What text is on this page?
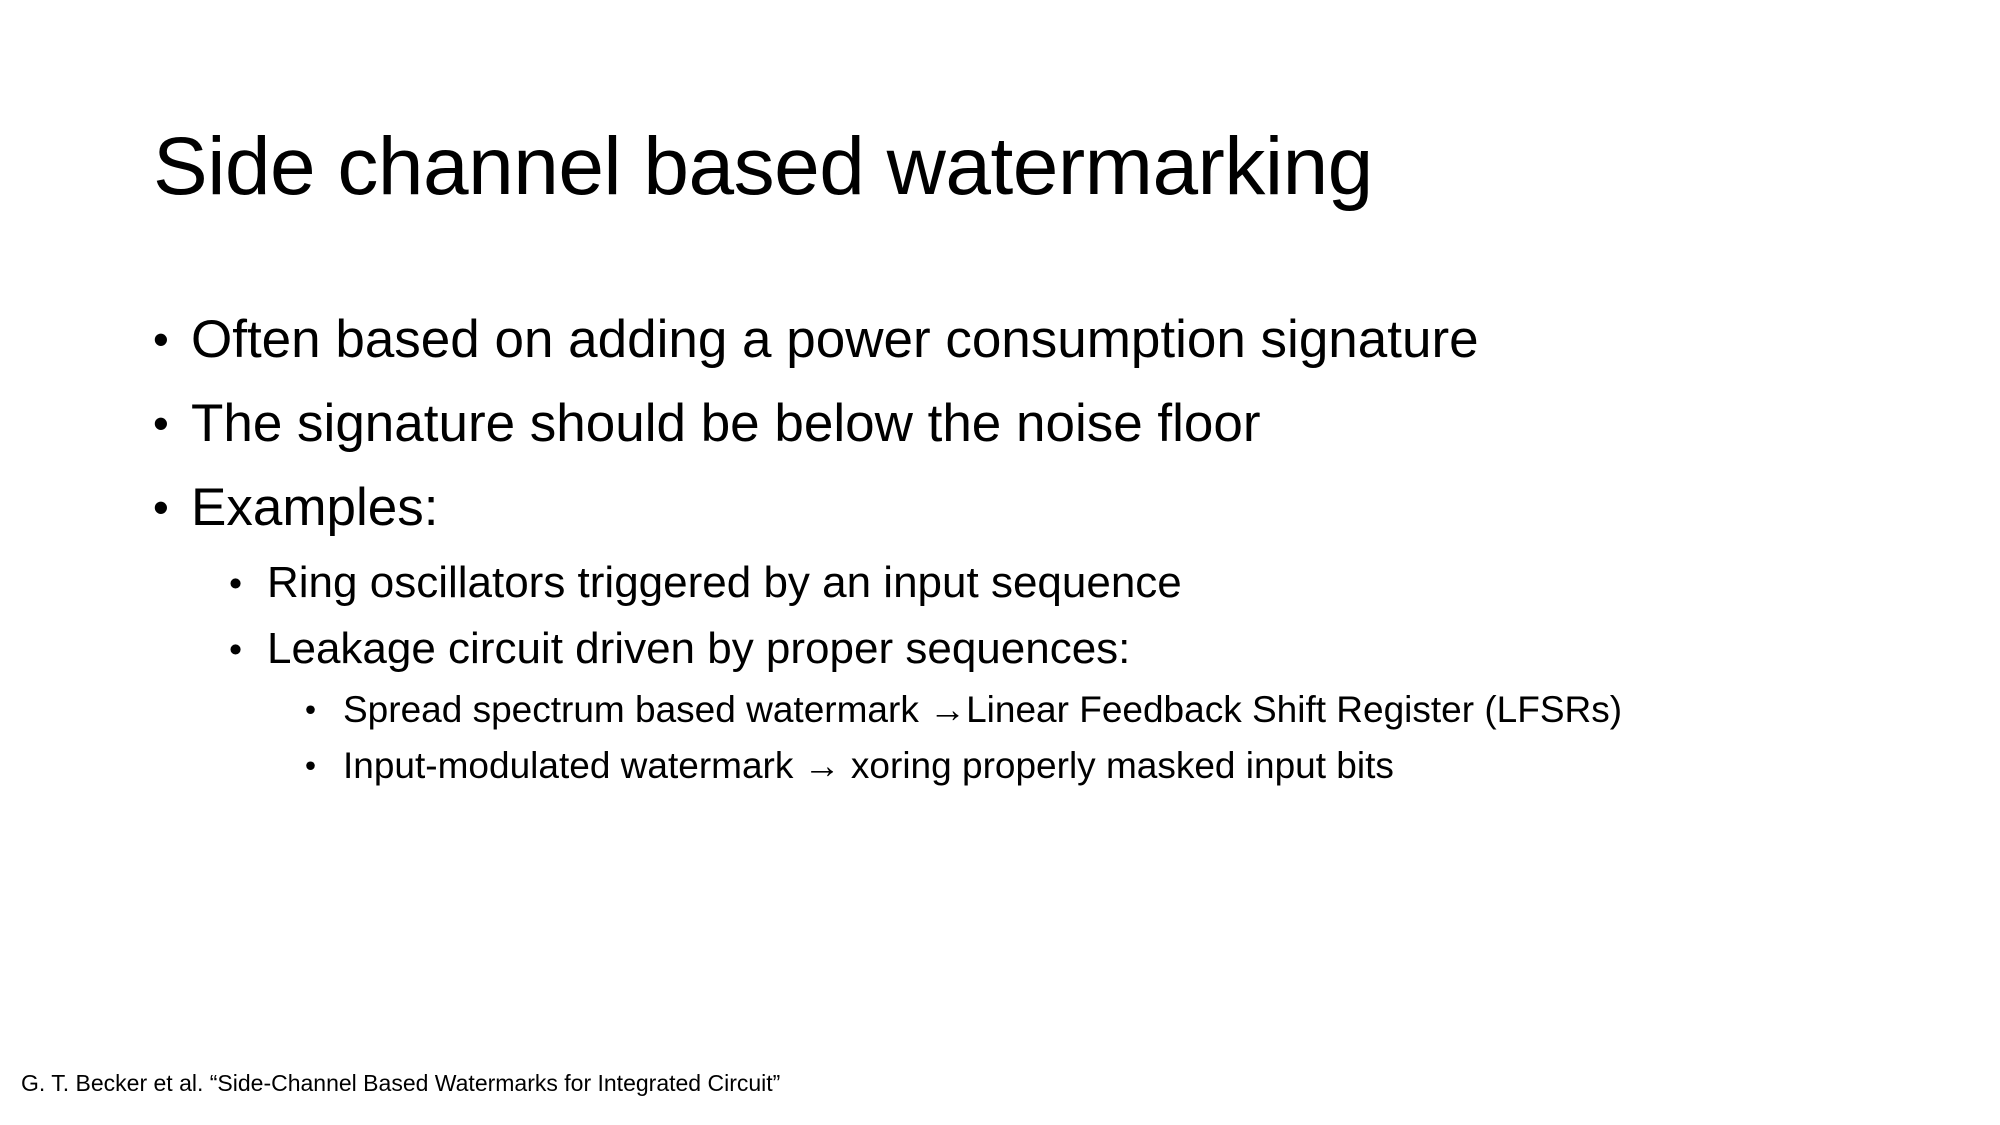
Side channel based watermarking
• Often based on adding a power consumption signature
• The signature should be below the noise floor
• Examples:
• Ring oscillators triggered by an input sequence
• Leakage circuit driven by proper sequences:
• Spread spectrum based watermark →Linear Feedback Shift Register (LFSRs)
• Input-modulated watermark → xoring properly masked input bits

G. T. Becker et al. “Side-Channel Based Watermarks for Integrated Circuit”
